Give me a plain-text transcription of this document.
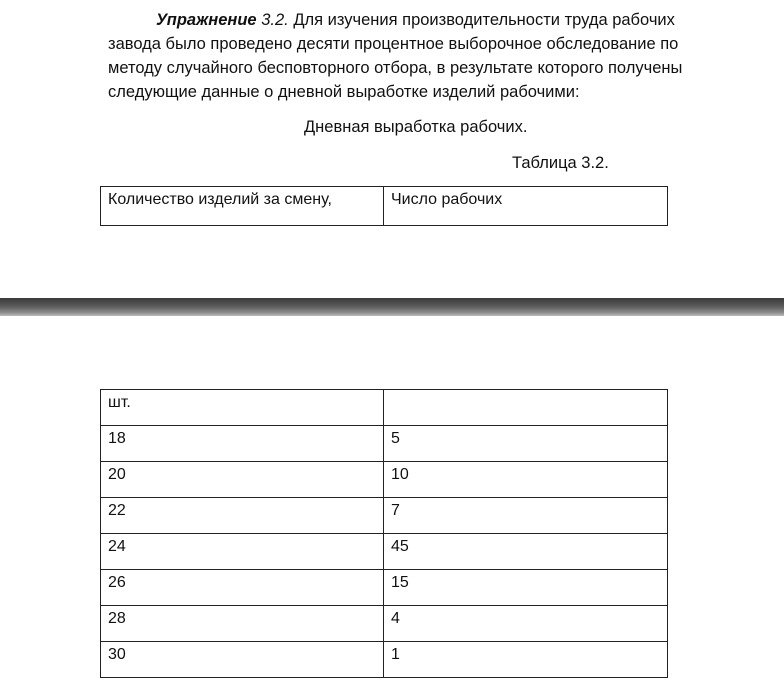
Упражнение 3.2. Для изучения производительности труда рабочих

завода было проведено десяти процентное выборочное обследование по

методу случайного бесповторного отбора, в результате которого получены

следующие данные о дневной выработке изделий рабочими:

Дневная выработка рабочих.
Таблица 3.2.
Количество изделий за смену,	Число рабочих
шт.	
18	5
20	10
22	7
24	45
26	15
28	4
30	1
